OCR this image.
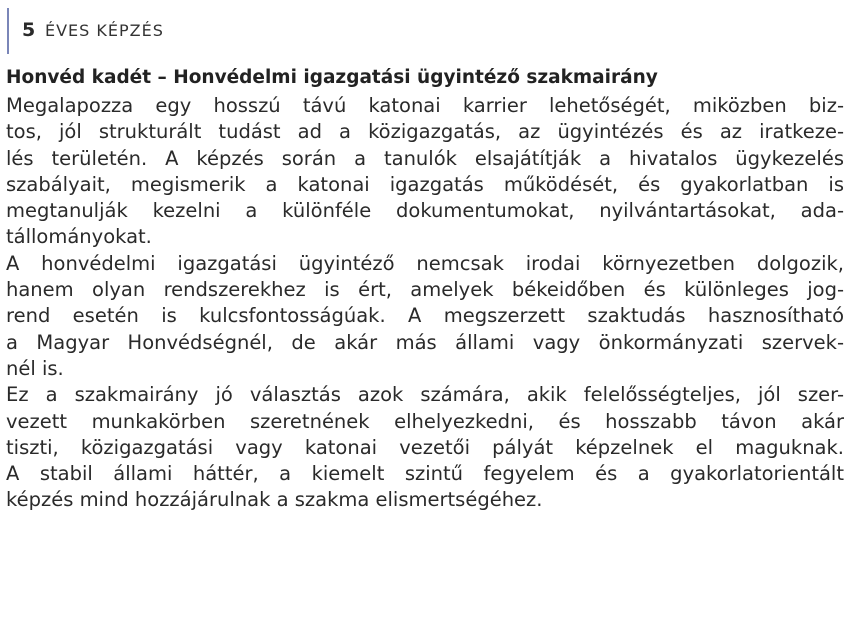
5 ÉVES KÉPZÉS
Honvéd kadét – Honvédelmi igazgatási ügyintéző szakmairány

Megalapozza egy hosszú távú katonai karrier lehetőségét, miközben biz-
tos, jól strukturált tudást ad a közigazgatás, az ügyintézés és az iratkeze-
lés területén. A képzés során a tanulók elsajátítják a hivatalos ügykezelés
szabályait, megismerik a katonai igazgatás működését, és gyakorlatban is
megtanulják kezelni a különféle dokumentumokat, nyilvántartásokat, ada-
tállományokat.

A honvédelmi igazgatási ügyintéző nemcsak irodai környezetben dolgozik,
hanem olyan rendszerekhez is ért, amelyek békeidőben és különleges jog-
rend esetén is kulcsfontosságúak. A megszerzett szaktudás hasznosítható
a Magyar Honvédségnél, de akár más állami vagy önkormányzati szervek-
nél is.

Ez a szakmairány jó választás azok számára, akik felelősségteljes, jól szer-
vezett munkakörben szeretnének elhelyezkedni, és hosszabb távon akár
tiszti, közigazgatási vagy katonai vezetői pályát képzelnek el maguknak.
A stabil állami háttér, a kiemelt szintű fegyelem és a gyakorlatorientált
képzés mind hozzájárulnak a szakma elismertségéhez.
